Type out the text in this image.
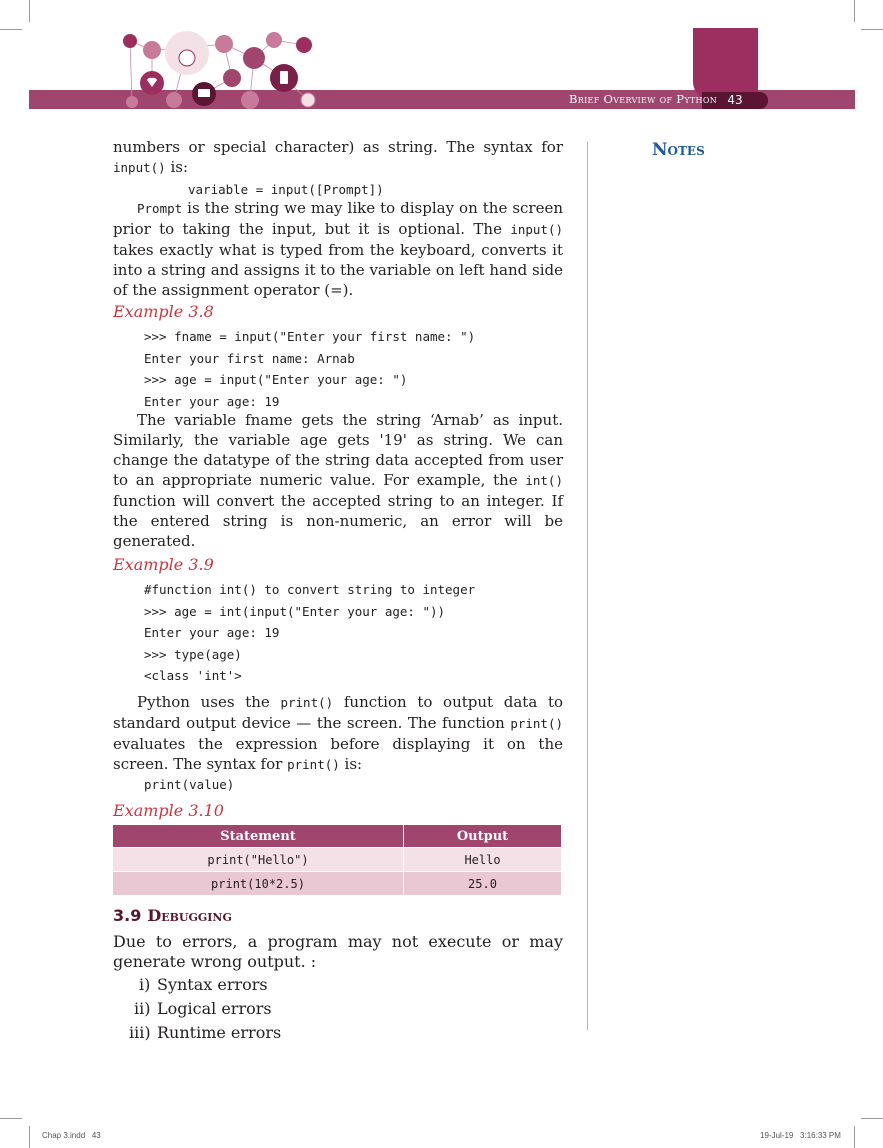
43
Brief Overview of Python
Notes

numbers or special character) as string. The syntax for input() is:

variable = input([Prompt])

Prompt is the string we may like to display on the screen prior to taking the input, but it is optional. The input() takes exactly what is typed from the keyboard, converts it into a string and assigns it to the variable on left hand side of the assignment operator (=).

Example 3.8
>>> fname = input("Enter your first name: ")
Enter your first name: Arnab
>>> age = input("Enter your age: ")
Enter your age: 19

The variable fname gets the string ‘Arnab’ as input. Similarly, the variable age gets '19' as string. We can change the datatype of the string data accepted from user to an appropriate numeric value. For example, the int() function will convert the accepted string to an integer. If the entered string is non-numeric, an error will be generated.

Example 3.9
#function int() to convert string to integer
>>> age = int(input("Enter your age: "))
Enter your age: 19
>>> type(age)
<class 'int'>

Python uses the print() function to output data to standard output device — the screen. The function print() evaluates the expression before displaying it on the screen. The syntax for print() is:

print(value)
Example 3.10
Statement	Output
print("Hello")	Hello
print(10*2.5)	25.0
3.9 Debugging

Due to errors, a program may not execute or may generate wrong output. :

i) Syntax errors
ii) Logical errors
iii) Runtime errors
Chap 3.indd   43	19-Jul-19   3:16:33 PM
